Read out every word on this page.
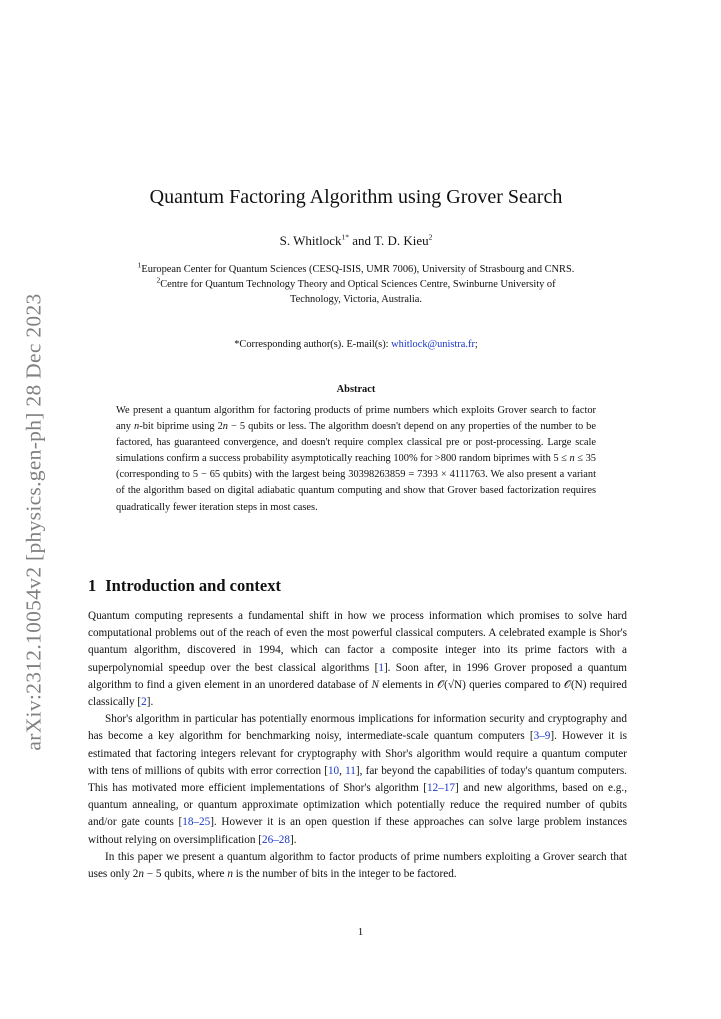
arXiv:2312.10054v2 [physics.gen-ph] 28 Dec 2023
Quantum Factoring Algorithm using Grover Search
S. Whitlock$^{1*}$ and T. D. Kieu$^2$
$^1$European Center for Quantum Sciences (CESQ-ISIS, UMR 7006), University of Strasbourg and CNRS.
$^2$Centre for Quantum Technology Theory and Optical Sciences Centre, Swinburne University of
Technology, Victoria, Australia.
*Corresponding author(s). E-mail(s): whitlock@unistra.fr;
Abstract
We present a quantum algorithm for factoring products of prime numbers which exploits Grover search to factor any n-bit biprime using 2n − 5 qubits or less. The algorithm doesn't depend on any properties of the number to be factored, has guaranteed convergence, and doesn't require complex classical pre or post-processing. Large scale simulations confirm a success probability asymptotically reaching 100% for >800 random biprimes with 5 ≤ n ≤ 35 (corresponding to 5 − 65 qubits) with the largest being 30398263859 = 7393 × 4111763. We also present a variant of the algorithm based on digital adiabatic quantum computing and show that Grover based factorization requires quadratically fewer iteration steps in most cases.
1 Introduction and context

Quantum computing represents a fundamental shift in how we process information which promises to solve hard computational problems out of the reach of even the most powerful classical computers. A celebrated example is Shor's quantum algorithm, discovered in 1994, which can factor a composite integer into its prime factors with a superpolynomial speedup over the best classical algorithms [1]. Soon after, in 1996 Grover proposed a quantum algorithm to find a given element in an unordered database of N elements in 𝒪(√N) queries compared to 𝒪(N) required classically [2].

Shor's algorithm in particular has potentially enormous implications for information security and cryptography and has become a key algorithm for benchmarking noisy, intermediate-scale quantum computers [3–9]. However it is estimated that factoring integers relevant for cryptography with Shor's algorithm would require a quantum computer with tens of millions of qubits with error correction [10, 11], far beyond the capabilities of today's quantum computers. This has motivated more efficient implementations of Shor's algorithm [12–17] and new algorithms, based on e.g., quantum annealing, or quantum approximate optimization which potentially reduce the required number of qubits and/or gate counts [18–25]. However it is an open question if these approaches can solve large problem instances without relying on oversimplification [26–28].

In this paper we present a quantum algorithm to factor products of prime numbers exploiting a Grover search that uses only 2n − 5 qubits, where n is the number of bits in the integer to be factored.

1
